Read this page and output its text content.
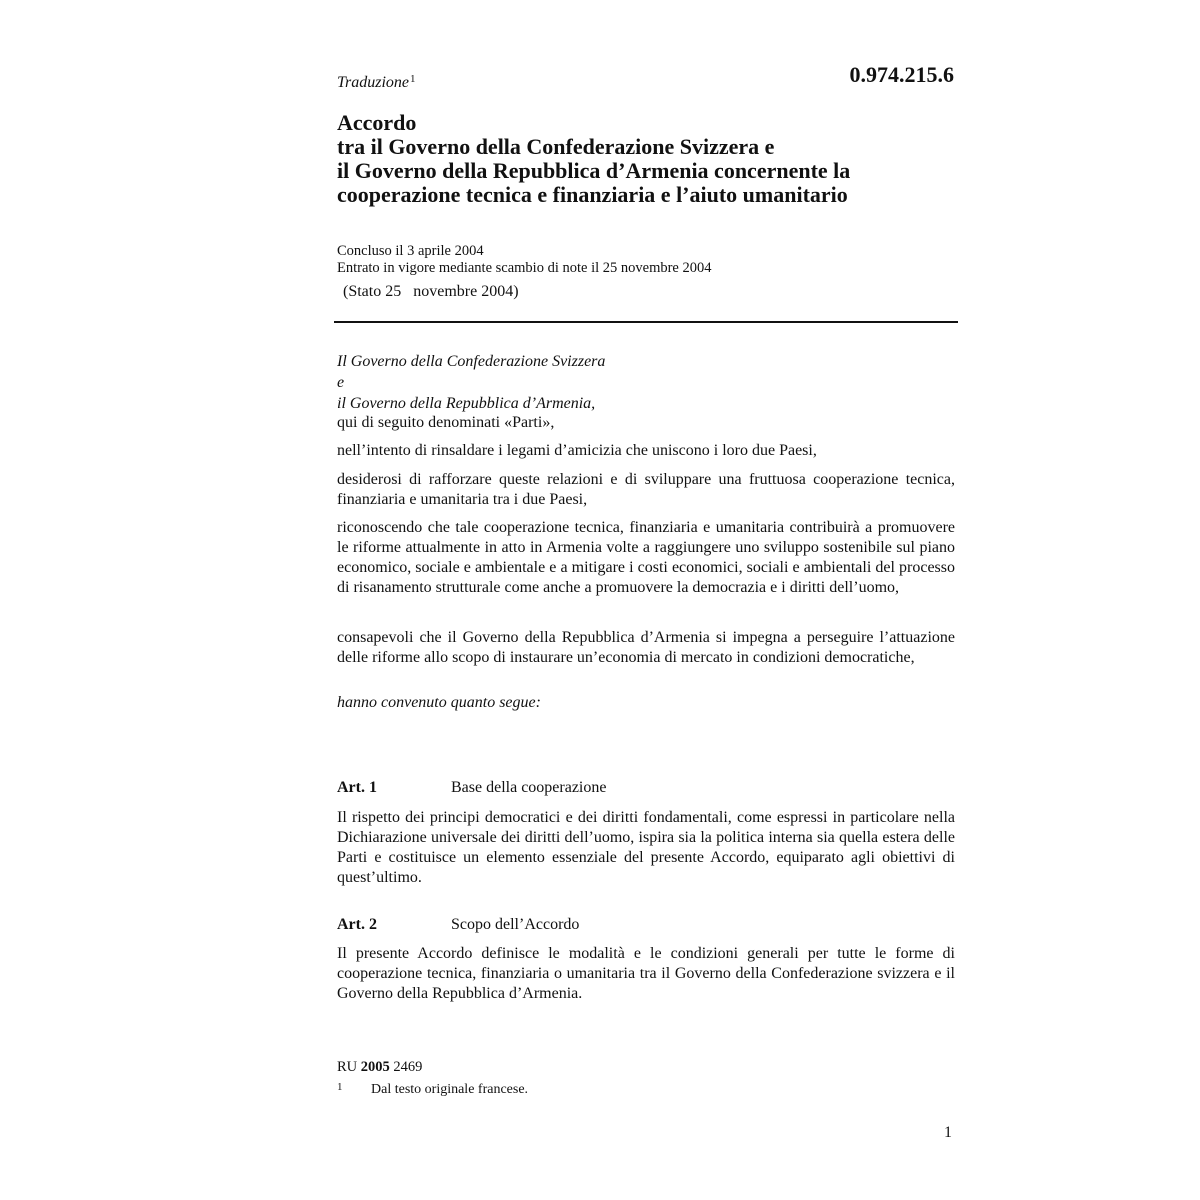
Traduzione$^1$	0.974.215.6
Accordo
tra il Governo della Confederazione Svizzera e
il Governo della Repubblica d’Armenia concernente la
cooperazione tecnica e finanziaria e l’aiuto umanitario
Concluso il 3 aprile 2004
Entrato in vigore mediante scambio di note il 25 novembre 2004
(Stato 25   novembre 2004)
Il Governo della Confederazione Svizzera
e
il Governo della Repubblica d’Armenia,
qui di seguito denominati «Parti»,
nell’intento di rinsaldare i legami d’amicizia che uniscono i loro due Paesi,
desiderosi di rafforzare queste relazioni e di sviluppare una fruttuosa cooperazione tecnica, finanziaria e umanitaria tra i due Paesi,
riconoscendo che tale cooperazione tecnica, finanziaria e umanitaria contribuirà a promuovere le riforme attualmente in atto in Armenia volte a raggiungere uno sviluppo sostenibile sul piano economico, sociale e ambientale e a mitigare i costi economici, sociali e ambientali del processo di risanamento strutturale come anche a promuovere la democrazia e i diritti dell’uomo,
consapevoli che il Governo della Repubblica d’Armenia si impegna a perseguire l’attuazione delle riforme allo scopo di instaurare un’economia di mercato in condizioni democratiche,
hanno convenuto quanto segue:
Art. 1	Base della cooperazione
Il rispetto dei principi democratici e dei diritti fondamentali, come espressi in particolare nella Dichiarazione universale dei diritti dell’uomo, ispira sia la politica interna sia quella estera delle Parti e costituisce un elemento essenziale del presente Accordo, equiparato agli obiettivi di quest’ultimo.
Art. 2	Scopo dell’Accordo
Il presente Accordo definisce le modalità e le condizioni generali per tutte le forme di cooperazione tecnica, finanziaria o umanitaria tra il Governo della Confederazione svizzera e il Governo della Repubblica d’Armenia.
RU 2005 2469
1 Dal testo originale francese.
1
